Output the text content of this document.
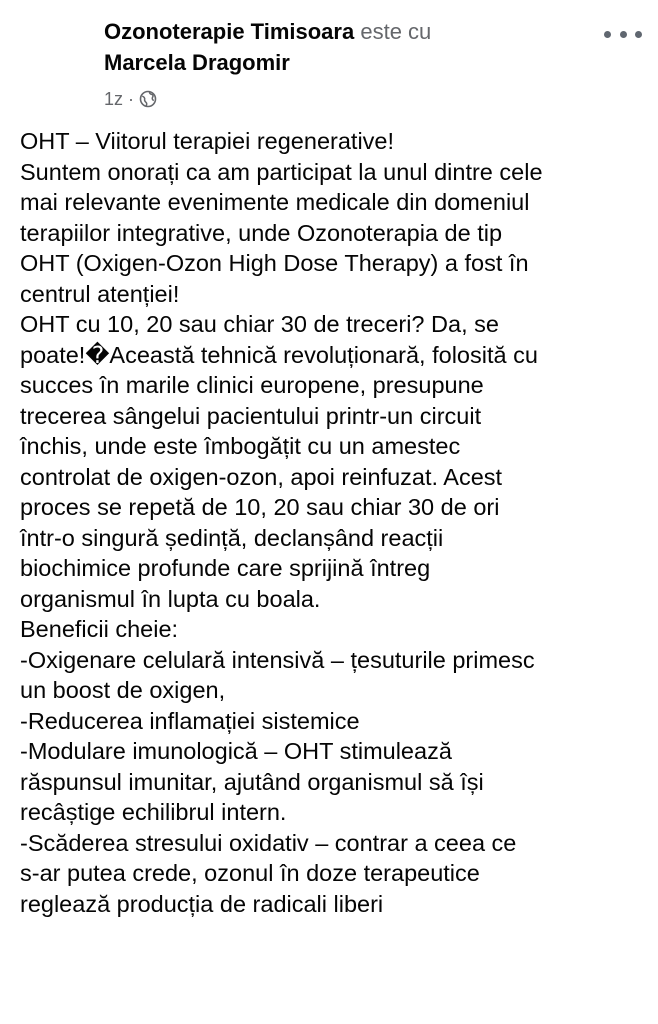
Ozonoterapie Timisoara este cu
Marcela Dragomir
1z ·
OHT – Viitorul terapiei regenerative!
Suntem onorați ca am participat la unul dintre cele
mai relevante evenimente medicale din domeniul
terapiilor integrative, unde Ozonoterapia de tip
OHT (Oxigen-Ozon High Dose Therapy) a fost în
centrul atenției!
OHT cu 10, 20 sau chiar 30 de treceri? Da, se
poate!�Această tehnică revoluționară, folosită cu
succes în marile clinici europene, presupune
trecerea sângelui pacientului printr-un circuit
închis, unde este îmbogățit cu un amestec
controlat de oxigen-ozon, apoi reinfuzat. Acest
proces se repetă de 10, 20 sau chiar 30 de ori
într-o singură ședință, declanșând reacții
biochimice profunde care sprijină întreg
organismul în lupta cu boala.
Beneficii cheie:
-Oxigenare celulară intensivă – țesuturile primesc
un boost de oxigen,
-Reducerea inflamației sistemice
-Modulare imunologică – OHT stimulează
răspunsul imunitar, ajutând organismul să își
recâștige echilibrul intern.
-Scăderea stresului oxidativ – contrar a ceea ce
s-ar putea crede, ozonul în doze terapeutice
reglează producția de radicali liberi
